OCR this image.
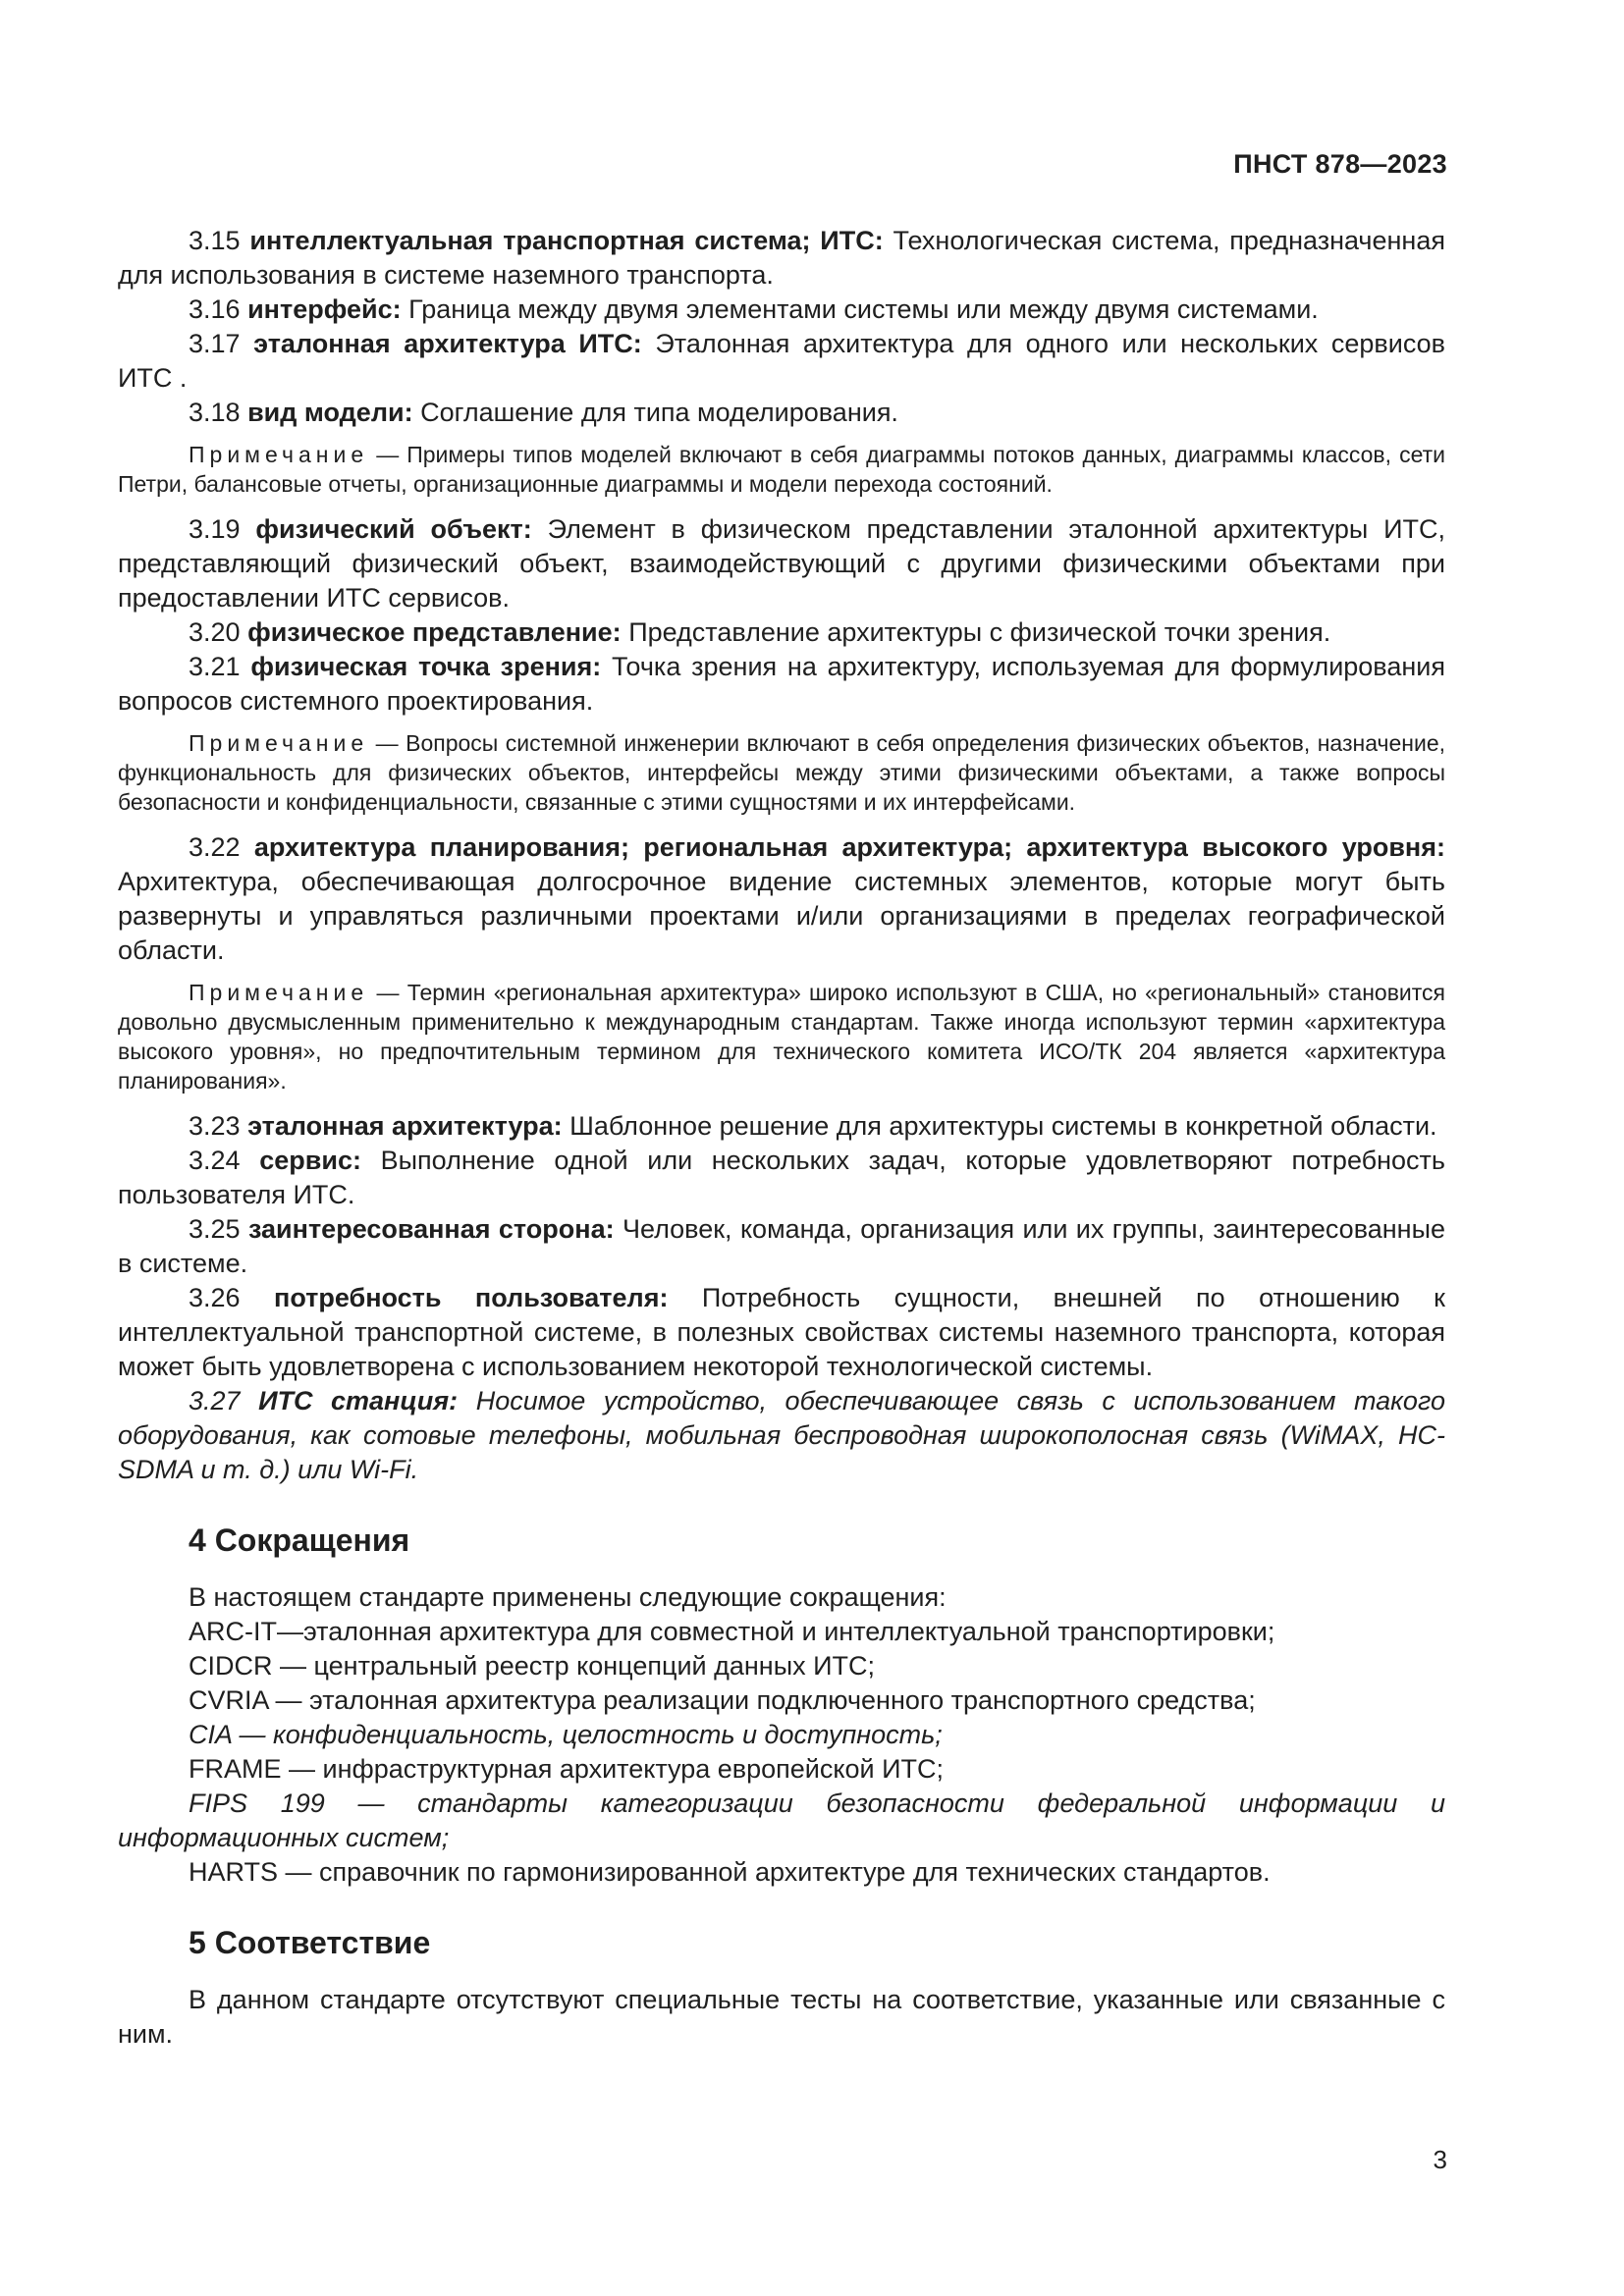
ПНСТ 878—2023

3.15 интеллектуальная транспортная система; ИТС: Технологическая система, предназначенная для использования в системе наземного транспорта.

3.16 интерфейс: Граница между двумя элементами системы или между двумя системами.

3.17 эталонная архитектура ИТС: Эталонная архитектура для одного или нескольких сервисов ИТС .

3.18 вид модели: Соглашение для типа моделирования.

Примечание — Примеры типов моделей включают в себя диаграммы потоков данных, диаграммы классов, сети Петри, балансовые отчеты, организационные диаграммы и модели перехода состояний.

3.19 физический объект: Элемент в физическом представлении эталонной архитектуры ИТС, представляющий физический объект, взаимодействующий с другими физическими объектами при предоставлении ИТС сервисов.

3.20 физическое представление: Представление архитектуры с физической точки зрения.

3.21 физическая точка зрения: Точка зрения на архитектуру, используемая для формулирования вопросов системного проектирования.

Примечание — Вопросы системной инженерии включают в себя определения физических объектов, назначение, функциональность для физических объектов, интерфейсы между этими физическими объектами, а также вопросы безопасности и конфиденциальности, связанные с этими сущностями и их интерфейсами.

3.22 архитектура планирования; региональная архитектура; архитектура высокого уровня: Архитектура, обеспечивающая долгосрочное видение системных элементов, которые могут быть развернуты и управляться различными проектами и/или организациями в пределах географической области.

Примечание — Термин «региональная архитектура» широко используют в США, но «региональный» становится довольно двусмысленным применительно к международным стандартам. Также иногда используют термин «архитектура высокого уровня», но предпочтительным термином для технического комитета ИСО/ТК 204 является «архитектура планирования».

3.23 эталонная архитектура: Шаблонное решение для архитектуры системы в конкретной области.

3.24 сервис: Выполнение одной или нескольких задач, которые удовлетворяют потребность пользователя ИТС.

3.25 заинтересованная сторона: Человек, команда, организация или их группы, заинтересованные в системе.

3.26 потребность пользователя: Потребность сущности, внешней по отношению к интеллектуальной транспортной системе, в полезных свойствах системы наземного транспорта, которая может быть удовлетворена с использованием некоторой технологической системы.

3.27 ИТС станция: Носимое устройство, обеспечивающее связь с использованием такого оборудования, как сотовые телефоны, мобильная беспроводная широкополосная связь (WiMAX, HC-SDMA и т. д.) или Wi-Fi.

4 Сокращения

В настоящем стандарте применены следующие сокращения:

ARC-IT—эталонная архитектура для совместной и интеллектуальной транспортировки;

CIDCR — центральный реестр концепций данных ИТС;

CVRIA — эталонная архитектура реализации подключенного транспортного средства;

CIA — конфиденциальность, целостность и доступность;

FRAME — инфраструктурная архитектура европейской ИТС;

FIPS 199 — стандарты категоризации безопасности федеральной информации и информационных систем;

HARTS — справочник по гармонизированной архитектуре для технических стандартов.

5 Соответствие

В данном стандарте отсутствуют специальные тесты на соответствие, указанные или связанные с ним.

3
